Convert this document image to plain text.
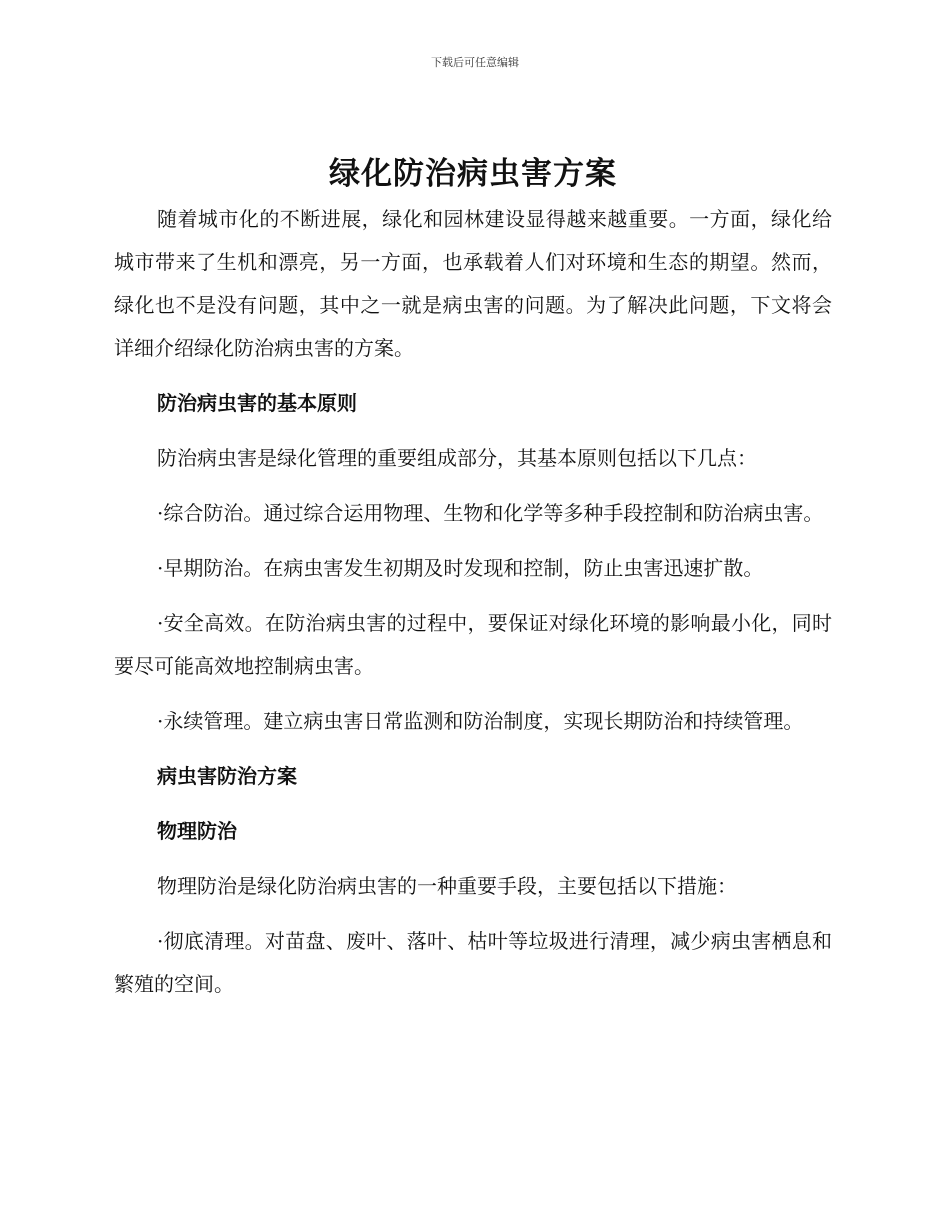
下载后可任意编辑
绿化防治病虫害方案

随着城市化的不断进展，绿化和园林建设显得越来越重要。一方面，绿化给城市带来了生机和漂亮，另一方面，也承载着人们对环境和生态的期望。然而，绿化也不是没有问题，其中之一就是病虫害的问题。为了解决此问题，下文将会详细介绍绿化防治病虫害的方案。

防治病虫害的基本原则

防治病虫害是绿化管理的重要组成部分，其基本原则包括以下几点：

·综合防治。通过综合运用物理、生物和化学等多种手段控制和防治病虫害。

·早期防治。在病虫害发生初期及时发现和控制，防止虫害迅速扩散。

·安全高效。在防治病虫害的过程中，要保证对绿化环境的影响最小化，同时要尽可能高效地控制病虫害。

·永续管理。建立病虫害日常监测和防治制度，实现长期防治和持续管理。

病虫害防治方案
物理防治

物理防治是绿化防治病虫害的一种重要手段，主要包括以下措施：

·彻底清理。对苗盘、废叶、落叶、枯叶等垃圾进行清理，减少病虫害栖息和繁殖的空间。
